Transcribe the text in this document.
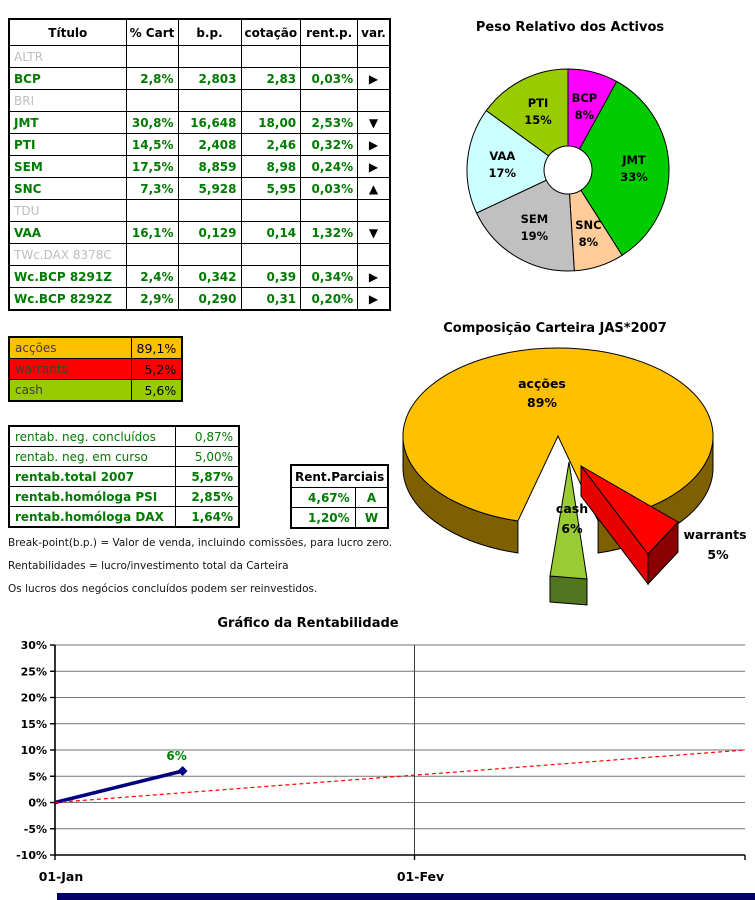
Título	% Cart	b.p.	cotação	rent.p.	var.
ALTR					
BCP	2,8%	2,803	2,83	0,03%	▶
BRI					
JMT	30,8%	16,648	18,00	2,53%	▼
PTI	14,5%	2,408	2,46	0,32%	▶
SEM	17,5%	8,859	8,98	0,24%	▶
SNC	7,3%	5,928	5,95	0,03%	▲
TDU					
VAA	16,1%	0,129	0,14	1,32%	▼
TWc.DAX 8378C					
Wc.BCP 8291Z	2,4%	0,342	0,39	0,34%	▶
Wc.BCP 8292Z	2,9%	0,290	0,31	0,20%	▶
Peso Relativo dos Activos
BCP
8%
JMT
33%
SNC
8%
SEM
19%
VAA
17%
PTI
15%
acções	89,1%
warrants	5,2%
cash	5,6%
rentab. neg. concluídos	0,87%
rentab. neg. em curso	5,00%
rentab.total 2007	5,87%
rentab.homóloga PSI	2,85%
rentab.homóloga DAX	1,64%
Rent.Parciais	
4,67%	A
1,20%	W
Break-point(b.p.) = Valor de venda, incluindo comissões, para lucro zero.
Rentabilidades = lucro/investimento total da Carteira
Os lucros dos negócios concluídos podem ser reinvestidos.
Composição Carteira JAS*2007
acções
89%
cash
6%	warrants
5%
Gráfico da Rentabilidade
30%
25%
20%
15%
10%
5%
0%
-5%
-10%
01-Jan	01-Fev
6%
